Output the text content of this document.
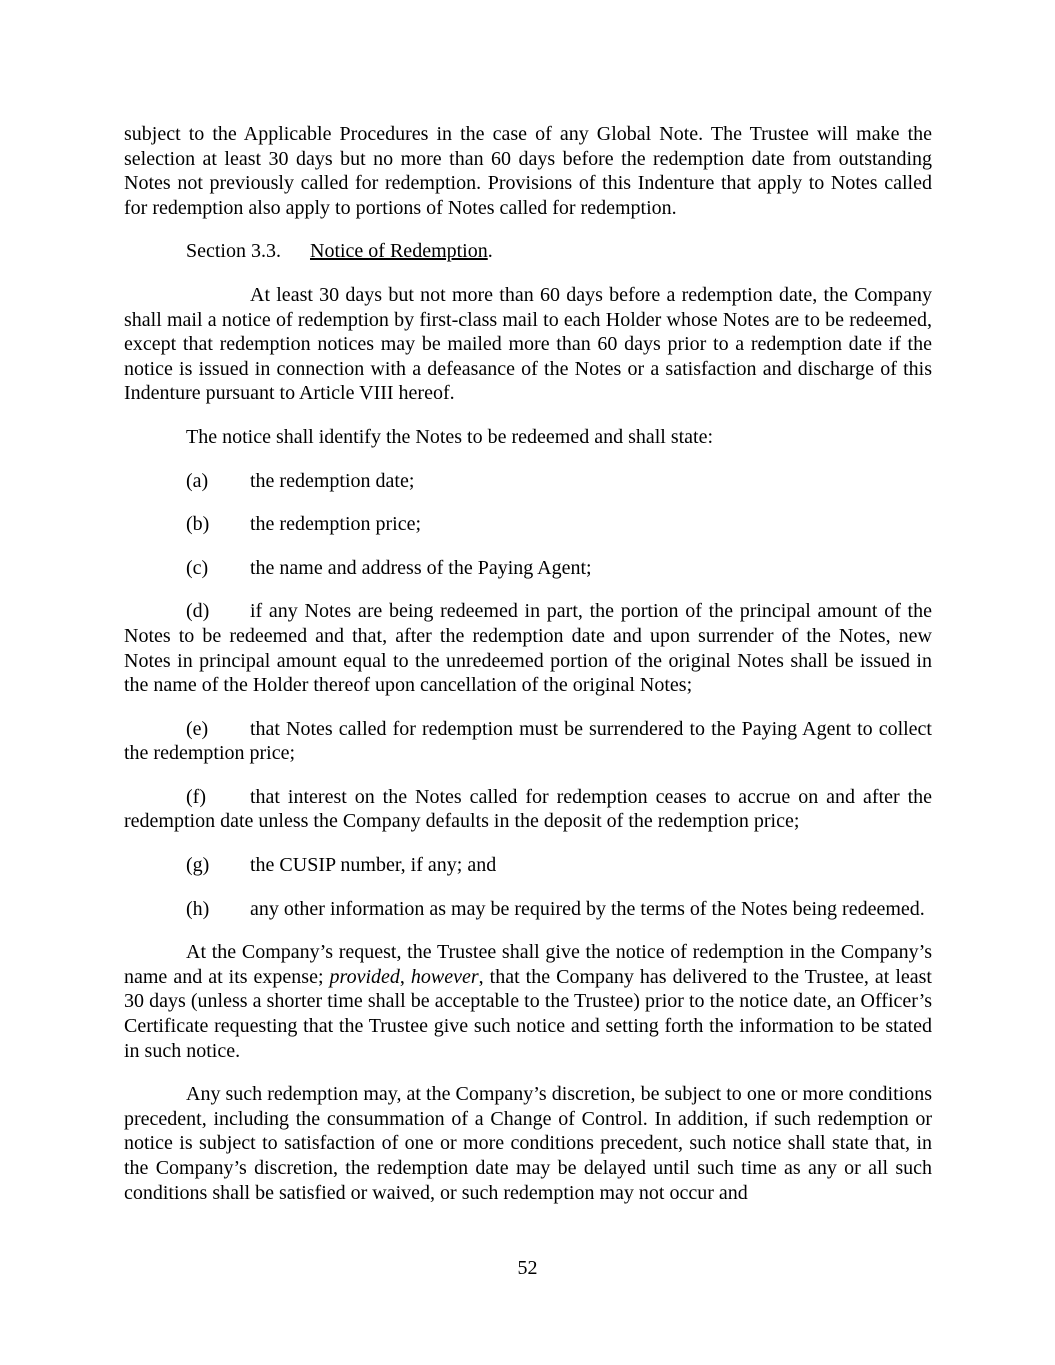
subject to the Applicable Procedures in the case of any Global Note. The Trustee will make the selection at least 30 days but no more than 60 days before the redemption date from outstanding Notes not previously called for redemption. Provisions of this Indenture that apply to Notes called for redemption also apply to portions of Notes called for redemption.

Section 3.3. Notice of Redemption.

At least 30 days but not more than 60 days before a redemption date, the Company shall mail a notice of redemption by first-class mail to each Holder whose Notes are to be redeemed, except that redemption notices may be mailed more than 60 days prior to a redemption date if the notice is issued in connection with a defeasance of the Notes or a satisfaction and discharge of this Indenture pursuant to Article VIII hereof.

The notice shall identify the Notes to be redeemed and shall state:

(a) the redemption date;

(b) the redemption price;

(c) the name and address of the Paying Agent;

(d) if any Notes are being redeemed in part, the portion of the principal amount of the Notes to be redeemed and that, after the redemption date and upon surrender of the Notes, new Notes in principal amount equal to the unredeemed portion of the original Notes shall be issued in the name of the Holder thereof upon cancellation of the original Notes;

(e) that Notes called for redemption must be surrendered to the Paying Agent to collect the redemption price;

(f) that interest on the Notes called for redemption ceases to accrue on and after the redemption date unless the Company defaults in the deposit of the redemption price;

(g) the CUSIP number, if any; and

(h) any other information as may be required by the terms of the Notes being redeemed.

At the Company’s request, the Trustee shall give the notice of redemption in the Company’s name and at its expense; provided, however, that the Company has delivered to the Trustee, at least 30 days (unless a shorter time shall be acceptable to the Trustee) prior to the notice date, an Officer’s Certificate requesting that the Trustee give such notice and setting forth the information to be stated in such notice.

Any such redemption may, at the Company’s discretion, be subject to one or more conditions precedent, including the consummation of a Change of Control. In addition, if such redemption or notice is subject to satisfaction of one or more conditions precedent, such notice shall state that, in the Company’s discretion, the redemption date may be delayed until such time as any or all such conditions shall be satisfied or waived, or such redemption may not occur and

52
